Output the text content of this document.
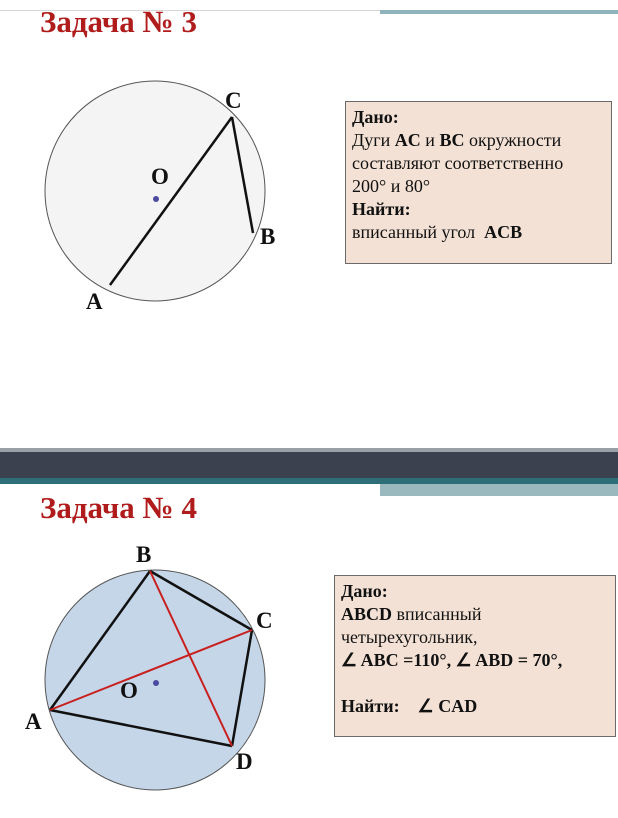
Задача № 3
C
O
B
A
B
C
O
A
D
Дано:
Дуги AC и BC окружности
составляют соответственно
200° и 80°
Найти:
вписанный угол  ACB
Задача № 4
Дано:
ABCD вписанный
четырехугольник,
∠ ABC =110°, ∠ ABD = 70°,
Найти: ∠ CAD
